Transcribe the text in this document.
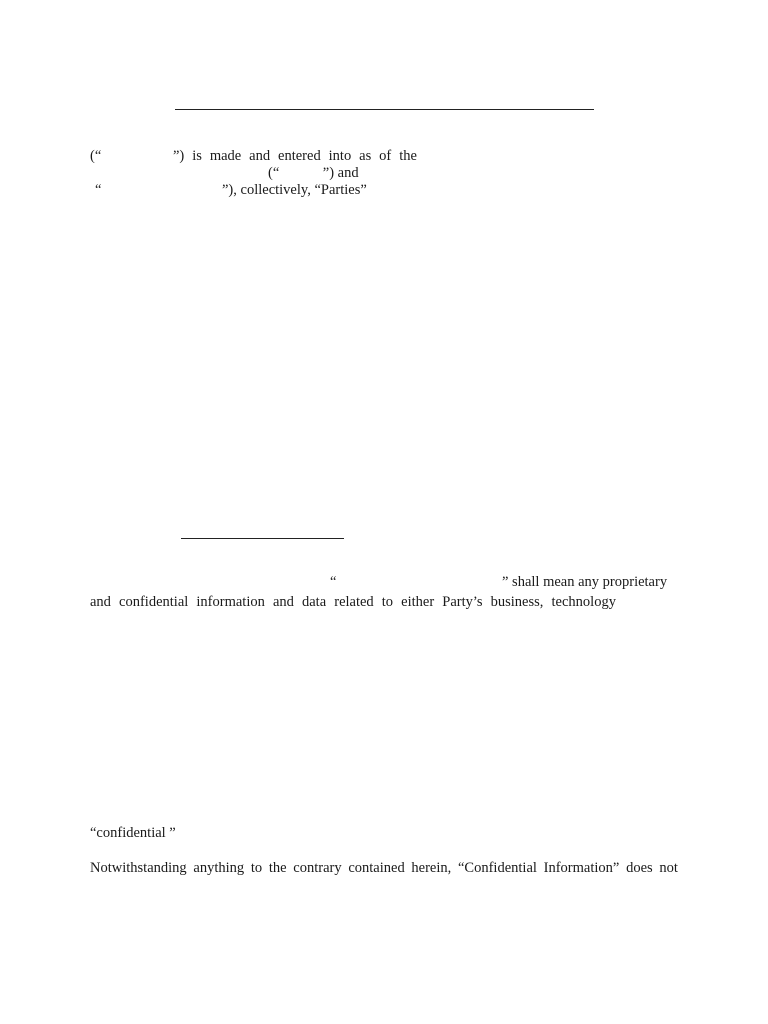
(“	”) is made and entered into as of the
(“            ”) and
“	”), collectively, “Parties”
“	” shall mean any proprietary
and confidential information and data related to either Party’s business, technology
“confidential ”
Notwithstanding anything to the contrary contained herein, “Confidential Information” does not
